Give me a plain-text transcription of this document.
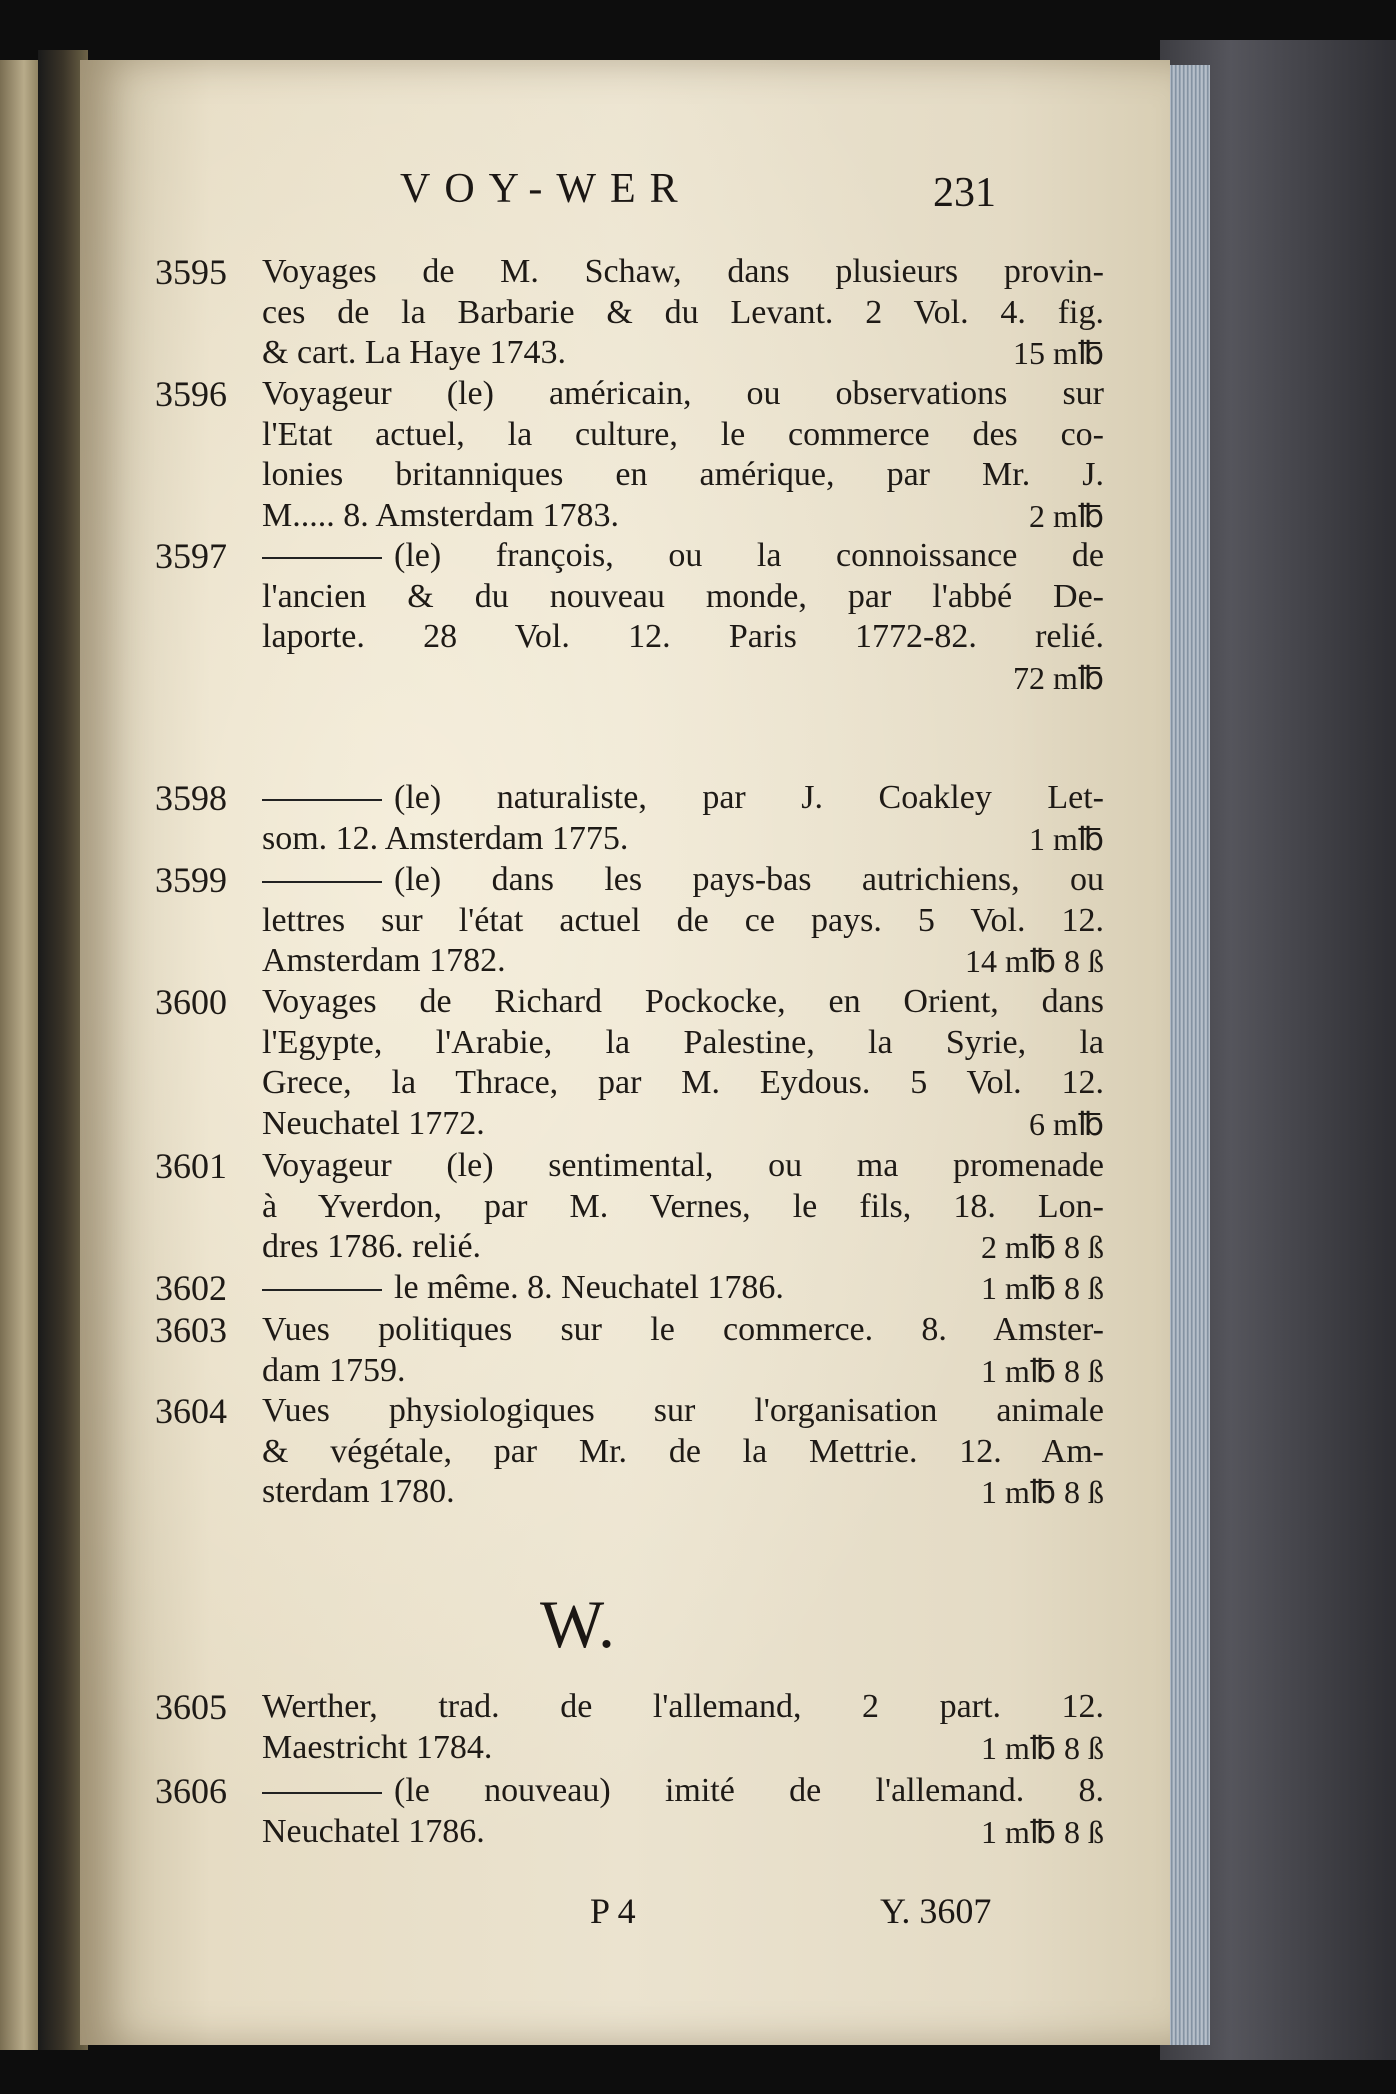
VOY-WER	231
3595	Voyages de M. Schaw, dans plusieurs provin-
ces de la Barbarie & du Levant. 2 Vol. 4. fig.
& cart. La Haye 1743.	15 m℔
3596	Voyageur (le) américain, ou observations sur
l'Etat actuel, la culture, le commerce des co-
lonies britanniques en amérique, par Mr. J.
M..... 8. Amsterdam 1783.	2 m℔
3597	(le) françois, ou la connoissance de
l'ancien & du nouveau monde, par l'abbé De-
laporte. 28 Vol. 12. Paris 1772-82. relié.
72 m℔
3598	(le) naturaliste, par J. Coakley Let-
som. 12. Amsterdam 1775.	1 m℔
3599	(le) dans les pays-bas autrichiens, ou
lettres sur l'état actuel de ce pays. 5 Vol. 12.
Amsterdam 1782.	14 m℔ 8 ß
3600	Voyages de Richard Pockocke, en Orient, dans
l'Egypte, l'Arabie, la Palestine, la Syrie, la
Grece, la Thrace, par M. Eydous. 5 Vol. 12.
Neuchatel 1772.	6 m℔
3601	Voyageur (le) sentimental, ou ma promenade
à Yverdon, par M. Vernes, le fils, 18. Lon-
dres 1786. relié.	2 m℔ 8 ß
3602	le même. 8. Neuchatel 1786.	1 m℔ 8 ß
3603	Vues politiques sur le commerce. 8. Amster-
dam 1759.	1 m℔ 8 ß
3604	Vues physiologiques sur l'organisation animale
& végétale, par Mr. de la Mettrie. 12. Am-
sterdam 1780.	1 m℔ 8 ß
W.
3605	Werther, trad. de l'allemand, 2 part. 12.
Maestricht 1784.	1 m℔ 8 ß
3606	(le nouveau) imité de l'allemand. 8.
Neuchatel 1786.	1 m℔ 8 ß
P 4	Y. 3607
